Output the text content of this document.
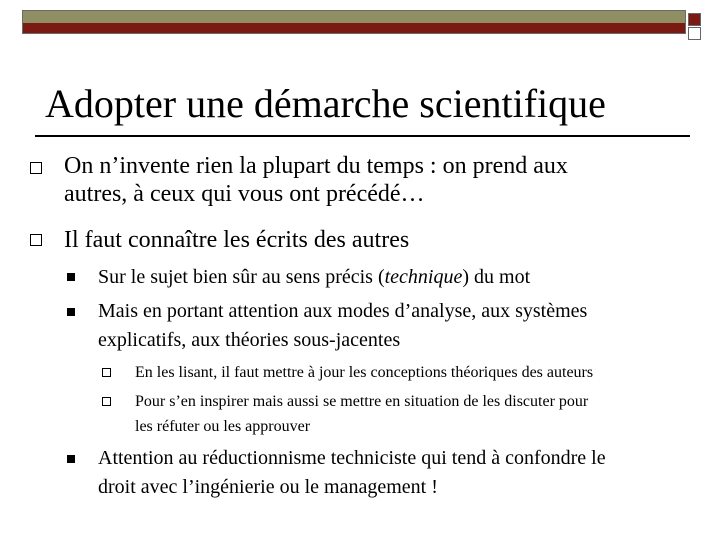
Adopter une démarche scientifique
On n’invente rien la plupart du temps : on prend aux
autres, à ceux qui vous ont précédé…
Il faut connaître les écrits des autres
Sur le sujet bien sûr au sens précis (technique) du mot
Mais en portant attention aux modes d’analyse, aux systèmes
explicatifs, aux théories sous-jacentes
En les lisant, il faut mettre à jour les conceptions théoriques des auteurs
Pour s’en inspirer mais aussi se mettre en situation de les discuter pour
les réfuter ou les approuver
Attention au réductionnisme techniciste qui tend à confondre le
droit avec l’ingénierie ou le management !
